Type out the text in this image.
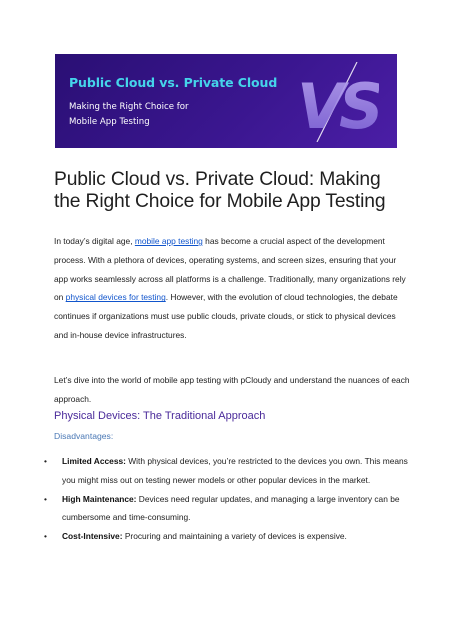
Public Cloud vs. Private Cloud
Making the Right Choice for
Mobile App Testing	VS
Public Cloud vs. Private Cloud: Making the Right Choice for Mobile App Testing

In today’s digital age, mobile app testing has become a crucial aspect of the development process. With a plethora of devices, operating systems, and screen sizes, ensuring that your app works seamlessly across all platforms is a challenge. Traditionally, many organizations rely on physical devices for testing. However, with the evolution of cloud technologies, the debate continues if organizations must use public clouds, private clouds, or stick to physical devices and in-house device infrastructures.

Let’s dive into the world of mobile app testing with pCloudy and understand the nuances of each approach.

Physical Devices: The Traditional Approach
Disadvantages:
• Limited Access: With physical devices, you’re restricted to the devices you own. This means you might miss out on testing newer models or other popular devices in the market.
• High Maintenance: Devices need regular updates, and managing a large inventory can be cumbersome and time-consuming.
• Cost-Intensive: Procuring and maintaining a variety of devices is expensive.
